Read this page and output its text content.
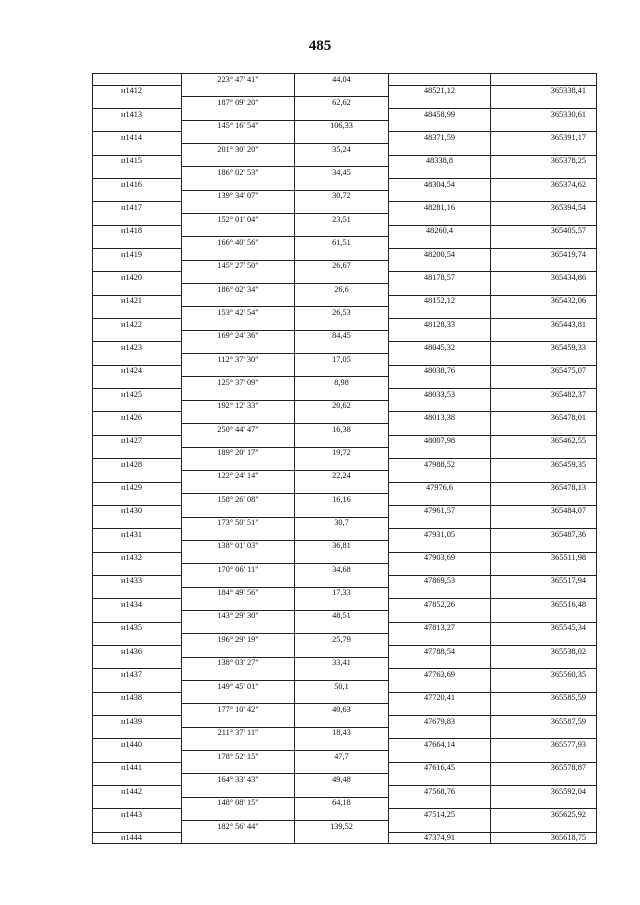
485
	223° 47' 41"	44,04		
н1412			48521,12	365338,41
	187° 09' 20"	62,62		
н1413			48458,99	365330,61
	145° 16' 54"	106,33		
н1414			48371,59	365391,17
	201° 30' 20"	35,24		
н1415			48338,8	365378,25
	186° 02' 53"	34,45		
н1416			48304,54	365374,62
	139° 34' 07"	30,72		
н1417			48281,16	365394,54
	152° 01' 04"	23,51		
н1418			48260,4	365405,57
	166° 40' 56"	61,51		
н1419			48200,54	365419,74
	145° 27' 50"	26,67		
н1420			48178,57	365434,86
	186° 02' 34"	26,6		
н1421			48152,12	365432,06
	153° 42' 54"	26,53		
н1422			48128,33	365443,81
	169° 24' 36"	84,45		
н1423			48045,32	365459,33
	112° 37' 30"	17,05		
н1424			48038,76	365475,07
	125° 37' 09"	8,98		
н1425			48033,53	365482,37
	192° 12' 33"	20,62		
н1426			48013,38	365478,01
	250° 44' 47"	16,38		
н1427			48007,98	365462,55
	189° 20' 17"	19,72		
н1428			47988,52	365459,35
	122° 24' 14"	22,24		
н1429			47976,6	365478,13
	158° 26' 08"	16,16		
н1430			47961,57	365484,07
	173° 50' 51"	30,7		
н1431			47931,05	365487,36
	138° 01' 03"	36,81		
н1432			47903,69	365511,98
	170° 06' 11"	34,68		
н1433			47869,53	365517,94
	184° 49' 56"	17,33		
н1434			47852,26	365516,48
	143° 29' 30"	48,51		
н1435			47813,27	365545,34
	196° 29' 19"	25,79		
н1436			47788,54	365538,02
	138° 03' 27"	33,41		
н1437			47763,69	365560,35
	149° 45' 01"	50,1		
н1438			47720,41	365585,59
	177° 10' 42"	40,63		
н1439			47679,83	365587,59
	211° 37' 11"	18,43		
н1440			47664,14	365577,93
	178° 52' 15"	47,7		
н1441			47616,45	365578,87
	164° 33' 43"	49,48		
н1442			47568,76	365592,04
	148° 08' 15"	64,18		
н1443			47514,25	365625,92
	182° 56' 44"	139,52		
н1444			47374,91	365618,75
